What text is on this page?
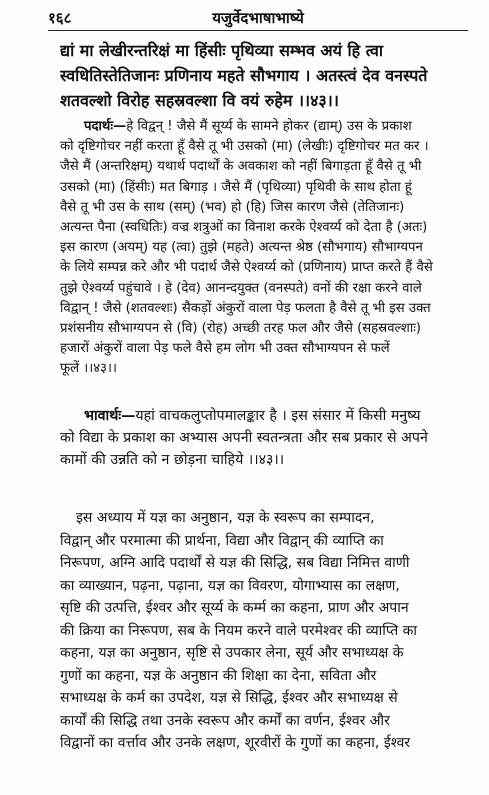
१६८	यजुर्वेदभाषाभाष्ये
द्यां मा लेखीरन्तरिक्षं मा हिंसीः पृथिव्या सम्भव अयं हि त्वा
स्वधितिस्तेतिजानः प्रणिनाय महते सौभगाय । अतस्त्वं देव वनस्पते
शतवल्शो विरोह सहस्रवल्शा वि वयं रुहेम ।।४३।।
पदार्थः—हे विद्वन् ! जैसे मैं सूर्य्य के सामने होकर (द्याम्) उस के प्रकाश
को दृष्टिगोचर नहीं करता हूँ वैसे तू भी उसको (मा) (लेखीः) दृष्टिगोचर मत कर ।
जैसे मैं (अन्तरिक्षम्) यथार्थ पदार्थों के अवकाश को नहीं बिगाड़ता हूँ वैसे तू भी
उसको (मा) (हिंसीः) मत बिगाड़ । जैसे मैं (पृथिव्या) पृथिवी के साथ होता हूं
वैसे तू भी उस के साथ (सम्) (भव) हो (हि) जिस कारण जैसे (तेतिजानः)
अत्यन्त पैना (स्वधितिः) वज्र शत्रुओं का विनाश करके ऐश्वर्य्य को देता है (अतः)
इस कारण (अयम्) यह (त्वा) तुझे (महते) अत्यन्त श्रेष्ठ (सौभगाय) सौभाग्यपन
के लिये सम्पन्न करे और भी पदार्थ जैसे ऐश्वर्य्य को (प्रणिनाय) प्राप्त करते हैं वैसे
तुझे ऐश्वर्य्य पहुंचावे । हे (देव) आनन्दयुक्त (वनस्पते) वनों की रक्षा करने वाले
विद्वान् ! जैसे (शतवल्शः) सैकड़ों अंकुरों वाला पेड़ फलता है वैसे तू भी इस उक्त
प्रशंसनीय सौभाग्यपन से (वि) (रोह) अच्छी तरह फल और जैसे (सहस्रवल्शाः)
हजारों अंकुरों वाला पेड़ फले वैसे हम लोग भी उक्त सौभाग्यपन से फलें
फूलें ।।४३।।
भावार्थः—यहां वाचकलुप्तोपमालङ्कार है । इस संसार में किसी मनुष्य
को विद्या के प्रकाश का अभ्यास अपनी स्वतन्त्रता और सब प्रकार से अपने
कामों की उन्नति को न छोड़ना चाहिये ।।४३।।
इस अध्याय में यज्ञ का अनुष्ठान, यज्ञ के स्वरूप का सम्पादन,
विद्वान् और परमात्मा की प्रार्थना, विद्या और विद्वान् की व्याप्ति का
निरूपण, अग्नि आदि पदार्थों से यज्ञ की सिद्धि, सब विद्या निमित्त वाणी
का व्याख्यान, पढ़ना, पढ़ाना, यज्ञ का विवरण, योगाभ्यास का लक्षण,
सृष्टि की उत्पत्ति, ईश्वर और सूर्य्य के कर्म्म का कहना, प्राण और अपान
की क्रिया का निरूपण, सब के नियम करने वाले परमेश्वर की व्याप्ति का
कहना, यज्ञ का अनुष्ठान, सृष्टि से उपकार लेना, सूर्य और सभाध्यक्ष के
गुणों का कहना, यज्ञ के अनुष्ठान की शिक्षा का देना, सविता और
सभाध्यक्ष के कर्म का उपदेश, यज्ञ से सिद्धि, ईश्वर और सभाध्यक्ष से
कार्यों की सिद्धि तथा उनके स्वरूप और कर्मों का वर्णन, ईश्वर और
विद्वानों का वर्त्ताव और उनके लक्षण, शूरवीरों के गुणों का कहना, ईश्वर
